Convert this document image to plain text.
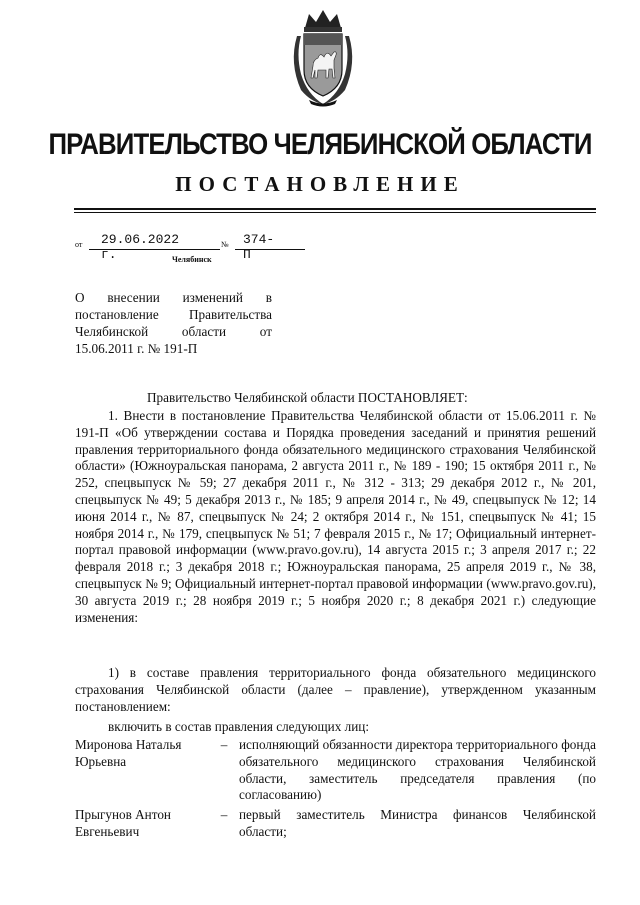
ПРАВИТЕЛЬСТВО ЧЕЛЯБИНСКОЙ ОБЛАСТИ
ПОСТАНОВЛЕНИЕ
от 29.06.2022 г.
№ 374-П
Челябинск
О внесении изменений в постановление Правительства Челябинской области от 15.06.2011 г. № 191-П
Правительство Челябинской области ПОСТАНОВЛЯЕТ:
1. Внести в постановление Правительства Челябинской области от 15.06.2011 г. № 191-П «Об утверждении состава и Порядка проведения заседаний и принятия решений правления территориального фонда обязательного медицинского страхования Челябинской области» (Южноуральская панорама, 2 августа 2011 г., № 189 - 190; 15 октября 2011 г., № 252, спецвыпуск № 59; 27 декабря 2011 г., № 312 - 313; 29 декабря 2012 г., № 201, спецвыпуск № 49; 5 декабря 2013 г., № 185; 9 апреля 2014 г., № 49, спецвыпуск № 12; 14 июня 2014 г., № 87, спецвыпуск № 24; 2 октября 2014 г., № 151, спецвыпуск № 41; 15 ноября 2014 г., № 179, спецвыпуск № 51; 7 февраля 2015 г., № 17; Официальный интернет-портал правовой информации (www.pravo.gov.ru), 14 августа 2015 г.; 3 апреля 2017 г.; 22 февраля 2018 г.; 3 декабря 2018 г.; Южноуральская панорама, 25 апреля 2019 г., № 38, спецвыпуск № 9; Официальный интернет-портал правовой информации (www.pravo.gov.ru), 30 августа 2019 г.; 28 ноября 2019 г.; 5 ноября 2020 г.; 8 декабря 2021 г.) следующие изменения:
1) в составе правления территориального фонда обязательного медицинского страхования Челябинской области (далее – правление), утвержденном указанным постановлением:
включить в состав правления следующих лиц:
Миронова Наталья Юрьевна
– исполняющий обязанности директора территориального фонда обязательного медицинского страхования Челябинской области, заместитель председателя правления (по согласованию)
Прыгунов Антон Евгеньевич
– первый заместитель Министра финансов Челябинской области;
